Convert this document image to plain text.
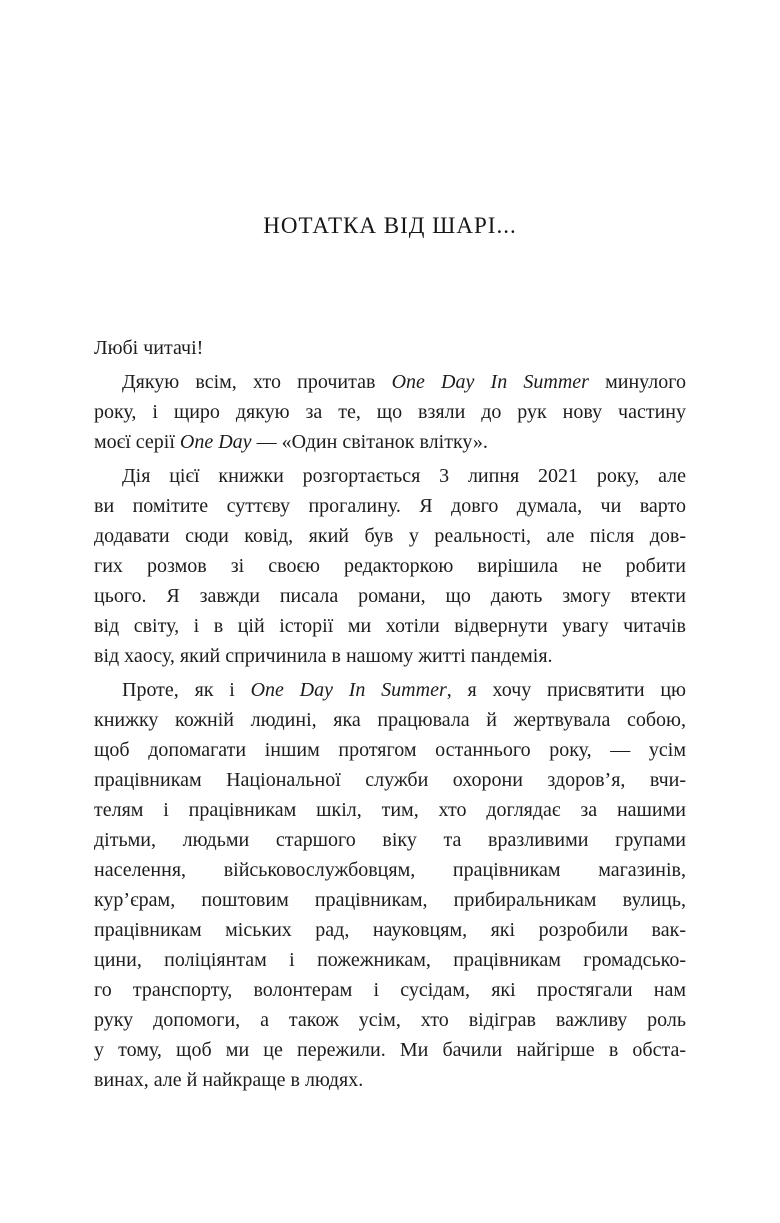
НОТАТКА ВІД ШАРІ...
Любі читачі!
Дякую всім, хто прочитав One Day In Summer минулого
року, і щиро дякую за те, що взяли до рук нову частину
моєї серії One Day — «Один світанок влітку».
Дія цієї книжки розгортається 3 липня 2021 року, але
ви помітите суттєву прогалину. Я довго думала, чи варто
додавати сюди ковід, який був у реальності, але після дов-
гих розмов зі своєю редакторкою вирішила не робити
цього. Я завжди писала романи, що дають змогу втекти
від світу, і в цій історії ми хотіли відвернути увагу читачів
від хаосу, який спричинила в нашому житті пандемія.
Проте, як і One Day In Summer, я хочу присвятити цю
книжку кожній людині, яка працювала й жертвувала собою,
щоб допомагати іншим протягом останнього року, — усім
працівникам Національної служби охорони здоров’я, вчи-
телям і працівникам шкіл, тим, хто доглядає за нашими
дітьми, людьми старшого віку та вразливими групами
населення, військовослужбовцям, працівникам магазинів,
кур’єрам, поштовим працівникам, прибиральникам вулиць,
працівникам міських рад, науковцям, які розробили вак-
цини, поліціянтам і пожежникам, працівникам громадсько-
го транспорту, волонтерам і сусідам, які простягали нам
руку допомоги, а також усім, хто відіграв важливу роль
у тому, щоб ми це пережили. Ми бачили найгірше в обста-
винах, але й найкраще в людях.
